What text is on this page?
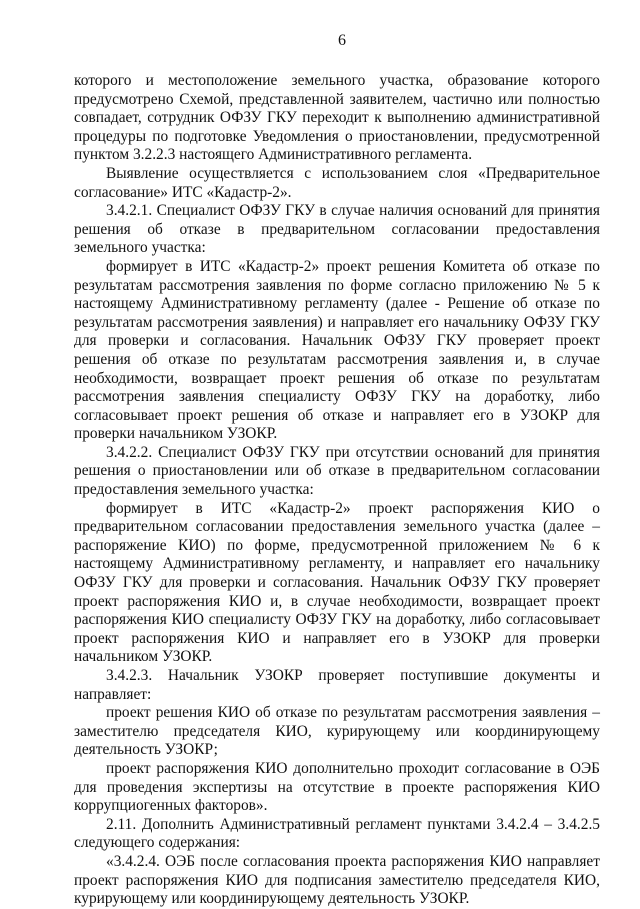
6

которого и местоположение земельного участка, образование которого предусмотрено Схемой, представленной заявителем, частично или полностью совпадает, сотрудник ОФЗУ ГКУ переходит к выполнению административной процедуры по подготовке Уведомления о приостановлении, предусмотренной пунктом 3.2.2.3 настоящего Административного регламента.

Выявление осуществляется с использованием слоя «Предварительное согласование» ИТС «Кадастр-2».

3.4.2.1. Специалист ОФЗУ ГКУ в случае наличия оснований для принятия решения об отказе в предварительном согласовании предоставления земельного участка:

формирует в ИТС «Кадастр-2» проект решения Комитета об отказе по результатам рассмотрения заявления по форме согласно приложению № 5 к настоящему Административному регламенту (далее - Решение об отказе по результатам рассмотрения заявления) и направляет его начальнику ОФЗУ ГКУ для проверки и согласования. Начальник ОФЗУ ГКУ проверяет проект решения об отказе по результатам рассмотрения заявления и, в случае необходимости, возвращает проект решения об отказе по результатам рассмотрения заявления специалисту ОФЗУ ГКУ на доработку, либо согласовывает проект решения об отказе и направляет его в УЗОКР для проверки начальником УЗОКР.

3.4.2.2. Специалист ОФЗУ ГКУ при отсутствии оснований для принятия решения о приостановлении или об отказе в предварительном согласовании предоставления земельного участка:

формирует в ИТС «Кадастр-2» проект распоряжения КИО о предварительном согласовании предоставления земельного участка (далее – распоряжение КИО) по форме, предусмотренной приложением № 6 к настоящему Административному регламенту, и направляет его начальнику ОФЗУ ГКУ для проверки и согласования. Начальник ОФЗУ ГКУ проверяет проект распоряжения КИО и, в случае необходимости, возвращает проект распоряжения КИО специалисту ОФЗУ ГКУ на доработку, либо согласовывает проект распоряжения КИО и направляет его в УЗОКР для проверки начальником УЗОКР.

3.4.2.3. Начальник УЗОКР проверяет поступившие документы и направляет:

проект решения КИО об отказе по результатам рассмотрения заявления – заместителю председателя КИО, курирующему или координирующему деятельность УЗОКР;

проект распоряжения КИО дополнительно проходит согласование в ОЭБ для проведения экспертизы на отсутствие в проекте распоряжения КИО коррупциогенных факторов».

2.11. Дополнить Административный регламент пунктами 3.4.2.4 – 3.4.2.5 следующего содержания:

«3.4.2.4. ОЭБ после согласования проекта распоряжения КИО направляет проект распоряжения КИО для подписания заместителю председателя КИО, курирующему или координирующему деятельность УЗОКР.
